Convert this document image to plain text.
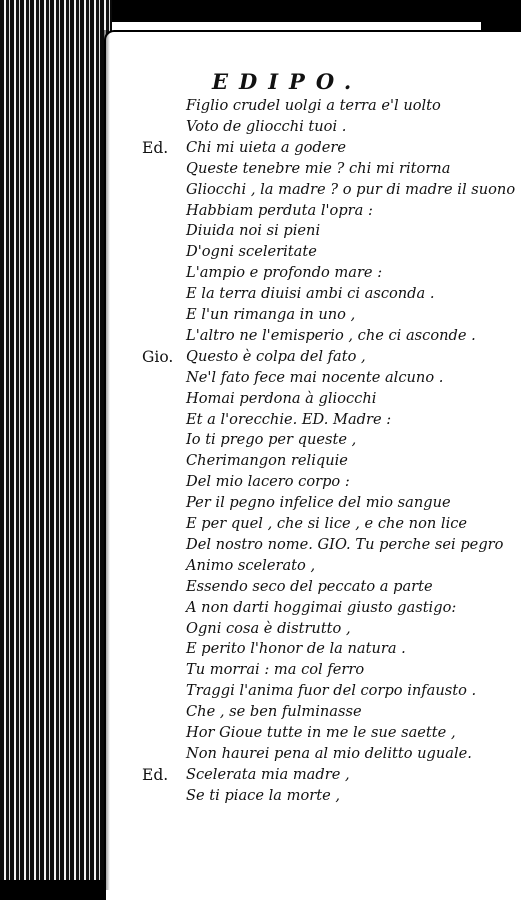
EDIPO.
Figlio crudel uolgi a terra e'l uolto
Voto de gliocchi tuoi .
Ed. Chi mi uieta a godere
Queste tenebre mie ? chi mi ritorna
Gliocchi , la madre ? o pur di madre il suono
Habbiam perduta l'opra :
Diuida noi si pieni
D'ogni sceleritate
L'ampio e profondo mare :
E la terra diuisi ambi ci asconda .
E l'un rimanga in uno ,
L'altro ne l'emisperio , che ci asconde .
Gio. Questo è colpa del fato ,
Ne'l fato fece mai nocente alcuno .
Homai perdona à gliocchi
Et a l'orecchie. ED. Madre :
Io ti prego per queste ,
Cherimangon reliquie
Del mio lacero corpo :
Per il pegno infelice del mio sangue
E per quel , che si lice , e che non lice
Del nostro nome. GIO. Tu perche sei pegro
Animo scelerato ,
Essendo seco del peccato a parte
A non darti hoggimai giusto gastigo:
Ogni cosa è distrutto ,
E perito l'honor de la natura .
Tu morrai : ma col ferro
Traggi l'anima fuor del corpo infausto .
Che , se ben fulminasse
Hor Gioue tutte in me le sue saette ,
Non haurei pena al mio delitto uguale.
Ed. Scelerata mia madre ,
Se ti piace la morte ,
